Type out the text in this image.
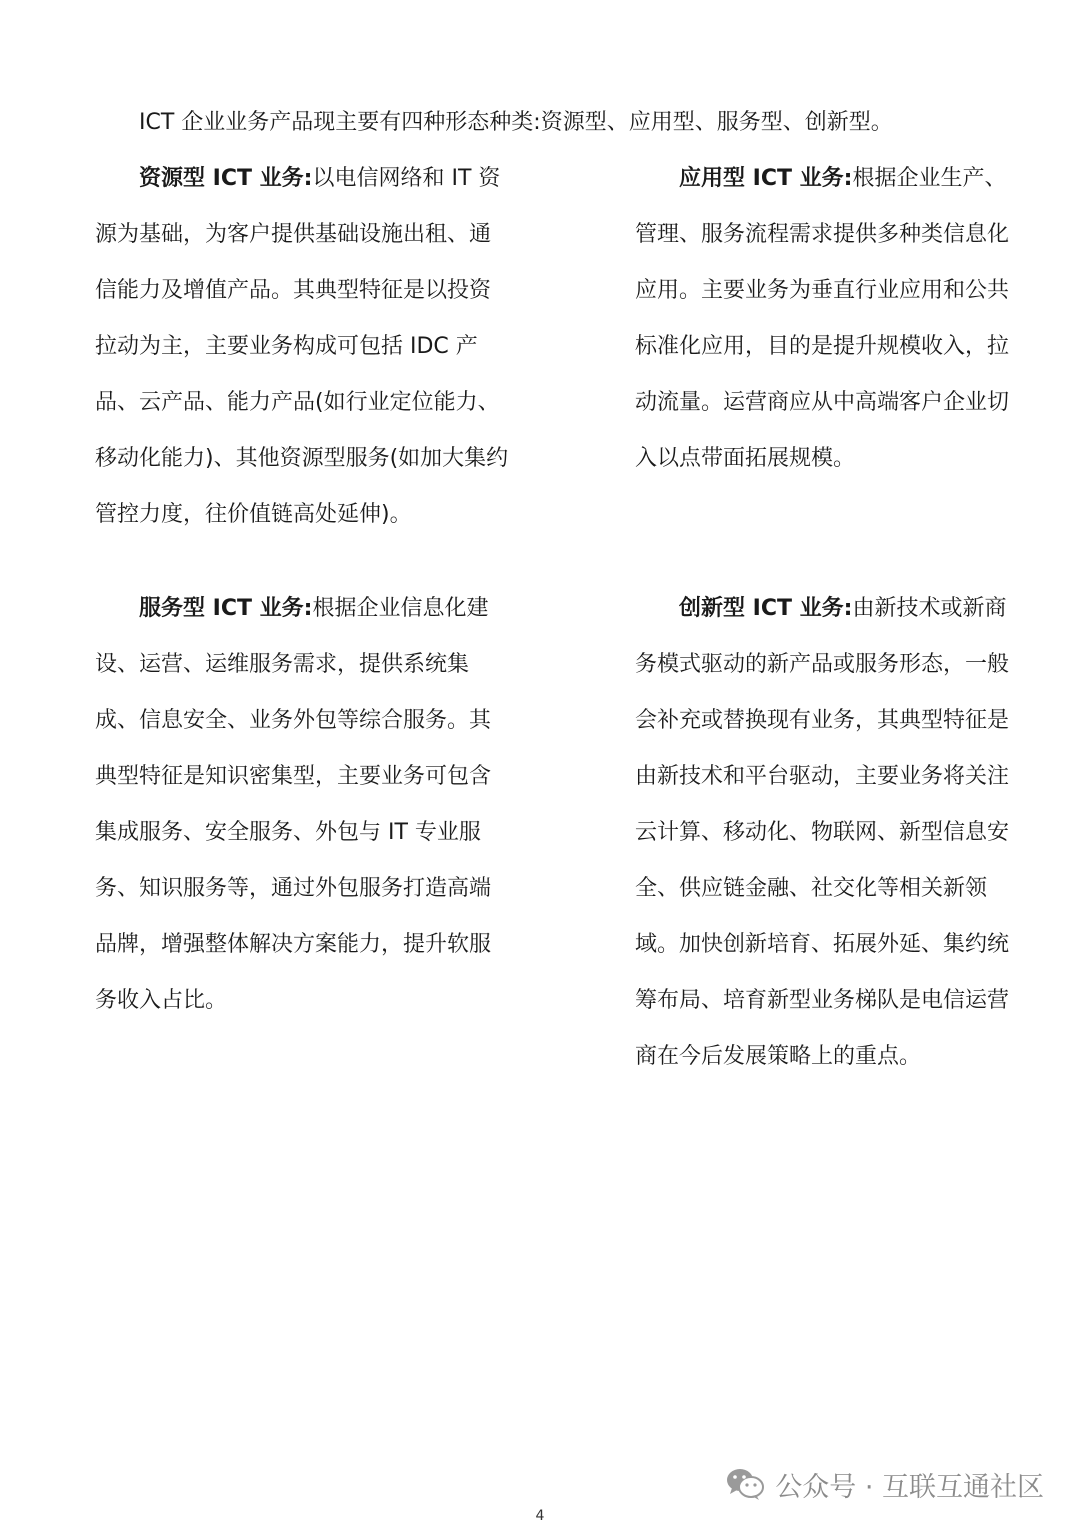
ICT 企业业务产品现主要有四种形态种类:资源型、应用型、服务型、创新型。
资源型 ICT 业务:以电信网络和 IT 资源为基础，为客户提供基础设施出租、通信能力及增值产品。其典型特征是以投资拉动为主，主要业务构成可包括 IDC 产品、云产品、能力产品(如行业定位能力、移动化能力)、其他资源型服务(如加大集约管控力度，往价值链高处延伸)。
应用型 ICT 业务:根据企业生产、管理、服务流程需求提供多种类信息化应用。主要业务为垂直行业应用和公共标准化应用，目的是提升规模收入，拉动流量。运营商应从中高端客户企业切入以点带面拓展规模。
服务型 ICT 业务:根据企业信息化建设、运营、运维服务需求，提供系统集成、信息安全、业务外包等综合服务。其典型特征是知识密集型，主要业务可包含集成服务、安全服务、外包与 IT 专业服务、知识服务等，通过外包服务打造高端品牌，增强整体解决方案能力，提升软服务收入占比。
创新型 ICT 业务:由新技术或新商务模式驱动的新产品或服务形态，一般会补充或替换现有业务，其典型特征是由新技术和平台驱动，主要业务将关注云计算、移动化、物联网、新型信息安全、供应链金融、社交化等相关新领域。加快创新培育、拓展外延、集约统筹布局、培育新型业务梯队是电信运营商在今后发展策略上的重点。
公众号 · 互联互通社区
4
